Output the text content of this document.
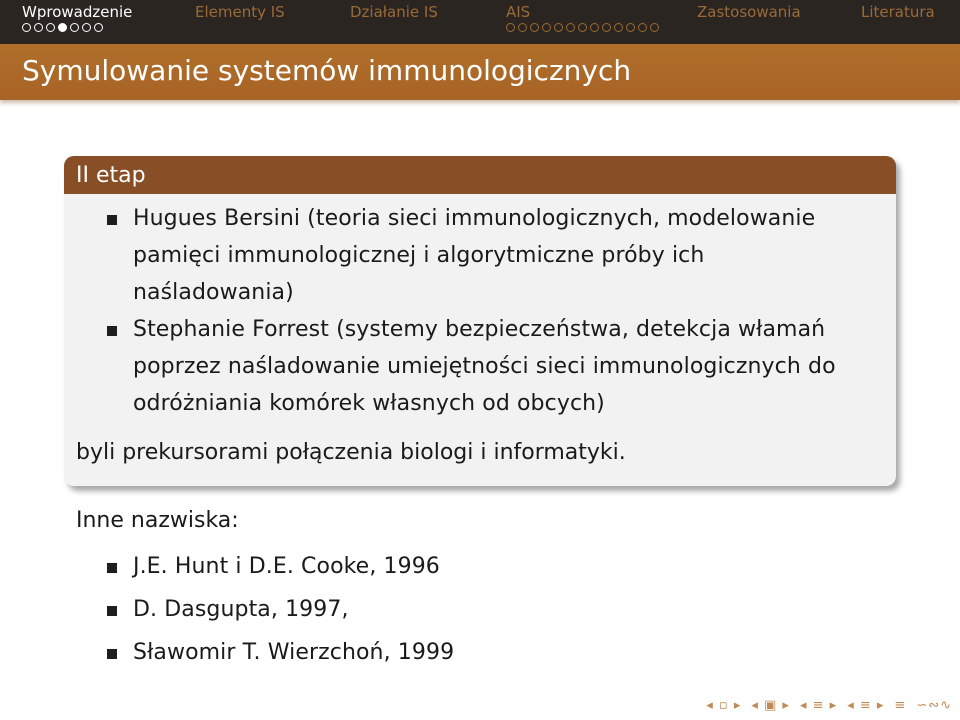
Wprowadzenie	Elementy IS	Działanie IS	AIS	Zastosowania	Literatura
Symulowanie systemów immunologicznych
II etap
Hugues Bersini (teoria sieci immunologicznych, modelowanie
pamięci immunologicznej i algorytmiczne próby ich
naśladowania)
Stephanie Forrest (systemy bezpieczeństwa, detekcja włamań
poprzez naśladowanie umiejętności sieci immunologicznych do
odróżniania komórek własnych od obcych)
byli prekursorami połączenia biologi i informatyki.
Inne nazwiska:
J.E. Hunt i D.E. Cooke, 1996
D. Dasgupta, 1997,
Sławomir T. Wierzchoń, 1999
◂ ▫ ▸ ◂ ▣ ▸ ◂ ≡ ▸ ◂ ≡ ▸ ≡ ∽∾∿
